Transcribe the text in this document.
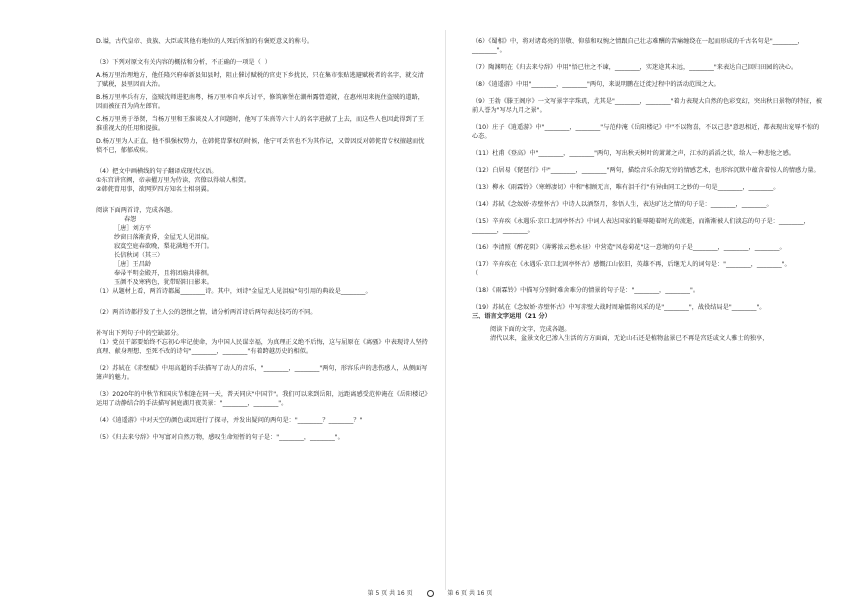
D.谥，古代皇帝、贵族、大臣或其他有地位的人死后所加的有褒贬意义的称号。

（3）下列对原文有关内容的概括和分析，不正确的一项是（  ）

A.杨万里治理地方，他任隆兴府奉新县知县时，阻止催讨赋税的官吏下乡扰民，只在集市张贴逃避赋税者的名字，就交清了赋税，县里因而大治。

B.杨万里率兵有方，盗贼沈师进犯南粤，杨万里率自率兵讨平，修筑寨堡在潮州露營道就，在惠州用来扼住盗贼的道路，因而被征召为尚左郎官。

C.杨万里勇于举贤，当杨万里和王淮谈及人才问题时，他写了朱熹等六十人的名字进献了上去，而这些人也因此得到了王淮重视大的任用和提拔。

D.杨万里为人正直，他不惧强权势力，在韩侂胄掌权的时候，他宁可丢官也不为其作记，又曾因反对韩侂胄专权擅越而忧愤不已，郁郁成疾。

（4）把文中画横线的句子翻译成现代汉语。

①东宫讲官阙，帝亲擢万里为侍读，宫僚以得端人相贺。

②韩侂胄用事，欲网罗四方知名士相羽翼。

阅读下面两首诗，完成各题。

春怨

［唐］刘方平

纱窗日落渐黄昏，金屋无人见泪痕。

寂寞空庭春欲晚，梨花满地不开门。

长信秋词（其三）

［唐］王昌龄

奉帚平明金殿开，且将团扇共徘徊。

玉颜不及寒鸦色，犹带昭阳日影来。

（1）从题材上看，两首诗都属________诗。其中，刘诗"金屋无人见泪痕"句引用的典故是________。

（2）两首诗都抒发了主人公的怨恨之情，请分析两首诗后两句表达技巧的不同。

补写出下列句子中的空缺部分。

（1）党员干部要始终不忘初心牢记使命，为中国人民谋幸福，为真理正义绝不后悔，这与屈原在《离骚》中表现诗人坚持真理、献身理想、至死不改的诗句"________，________"有着跨越历史的相似。

（2）苏轼在《赤壁赋》中用高超的手法描写了动人的音乐，"________，________"两句，形容乐声的悲伤感人，从侧面写箫声的魅力。

（3）2020年的中秋节和国庆节相逢在同一天，普天同庆"中国节"。我们可以来到岳阳，远距离感受范仲淹在《岳阳楼记》运用了动静结合的手法描写洞庭湖月夜美景："________，________"。

（4）《逍遥游》中对天空的颜色或因进行了探寻，并发出疑问的两句是："________？________？"

（5）《归去来兮辞》中写富对自然万物，感叹生命短暂的句子是："________，________"。

（6）《蜀相》中，将对诸葛亮的崇敬、仰慕和叹惋之情跟自己壮志难酬的苦痛缠绕在一起而形成的千古名句是"________，________"。

（7）陶渊明在《归去来兮辞》中用"悟已往之不谏，________，实迷途其未远，________"来表达自己回归田园的决心。

（8）《逍遥游》中用"________，________"两句，来说明鹏在迁徙过程中的活动范围之大。

（9）王勃《滕王阁序》一文写景字字珠玑，尤其是"________，________"着力表现大自然的色彩变幻，突出秋日景物的特征，被前人誉为"写尽九月之景"。

（10）庄子《逍遥游》中"________，________"与范仲淹《岳阳楼记》中"不以物喜，不以己悲"意思相近，都表现出宠辱不惊的心态。

（11）杜甫《登高》中"________，________"两句，写出秋天树叶的萧萧之声，江水的滔滔之状，给人一种悲怆之感。

（12）白居易《琵琶行》中"________，________"两句，描绘音乐余韵无穷的情感艺术，也形容沉默中蕴含着惊人的情感力量。

（13）柳永《雨霖铃》（寒蝉凄切）中和"相顾无言，唯有泪千行"有异曲同工之妙的一句是________，________。

（14）苏轼《念奴娇·赤壁怀古》中诗人以酒祭月，参悟人生，表达旷达之情的句子是：________，________。

（15）辛弃疾《永遇乐·京口北固亭怀古》中词人表达国家的耻辱随着时光的流逝，而渐渐被人们淡忘的句子是：________，________，________。

（16）李清照《醉花阴》（薄雾浓云愁永昼）中营造"风卷菊花"这一意境的句子是________，________，________。

（17）辛弃疾在《永遇乐·京口北固亭怀古》感慨江山依旧，英雄不再，后继无人的词句是："________，________"。

（

（18）《雨霖铃》中描写分别时难舍难分的情景的句子是："________，________"。

（19）苏轼在《念奴娇·赤壁怀古》中写赤壁大战时周瑜儒将风采的是"________"，战役结局是"________"。

三、语言文字运用（21 分）

阅读下面的文字，完成各题。

清代以来，盆景文化已渗入生活的方方面面，无论山石还是植物盆景已不再是宫廷或文人雅士的独享，

第 5 页 共 16 页	第 6 页 共 16 页
